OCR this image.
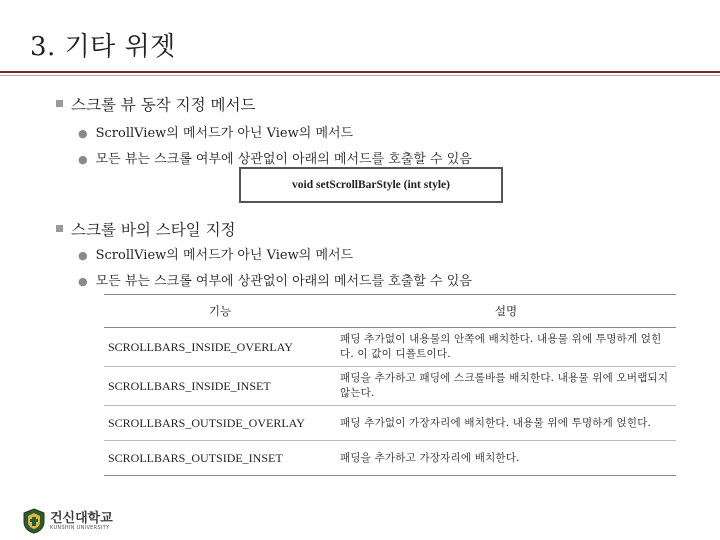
3. 기타 위젯
스크롤 뷰 동작 지정 메서드
● ScrollView의 메서드가 아닌 View의 메서드
● 모든 뷰는 스크롤 여부에 상관없이 아래의 메서드를 호출할 수 있음
void setScrollBarStyle (int style)
스크롤 바의 스타일 지정
● ScrollView의 메서드가 아닌 View의 메서드
● 모든 뷰는 스크롤 여부에 상관없이 아래의 메서드를 호출할 수 있음
기능	설명
SCROLLBARS_INSIDE_OVERLAY	패딩 추가없이 내용물의 안쪽에 배치한다. 내용물 위에 투명하게 얹힌다. 이 값이 디폴트이다.
SCROLLBARS_INSIDE_INSET	패딩을 추가하고 패딩에 스크롤바를 배치한다. 내용물 위에 오버랩되지 않는다.
SCROLLBARS_OUTSIDE_OVERLAY	패딩 추가없이 가장자리에 배치한다. 내용물 위에 투명하게 얹힌다.
SCROLLBARS_OUTSIDE_INSET	패딩을 추가하고 가장자리에 배치한다.
건신대학교
KUNSHIN UNIVERSITY
